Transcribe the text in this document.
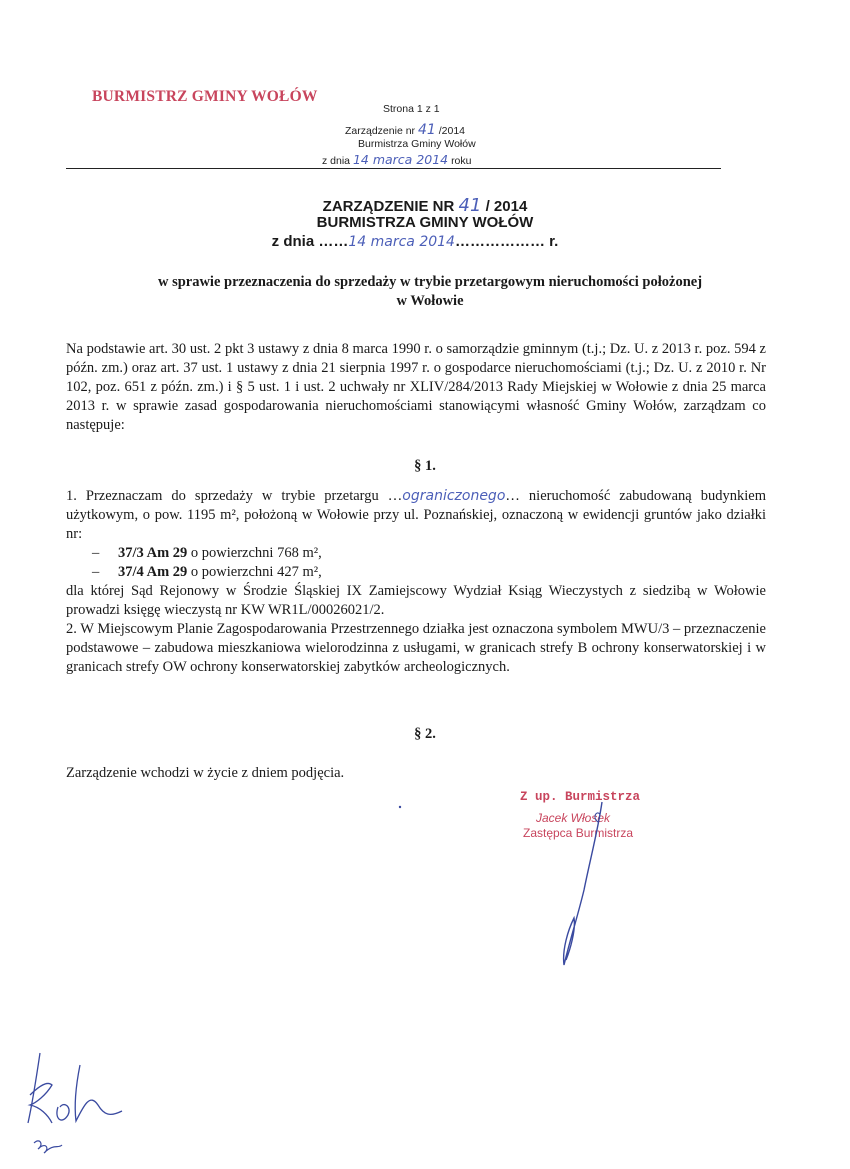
BURMISTRZ GMINY WOŁÓW
Strona 1 z 1
Zarządzenie nr 41 /2014
Burmistrza Gminy Wołów
z dnia 14 marca 2014 roku
ZARZĄDZENIE NR 41 / 2014
BURMISTRZA GMINY WOŁÓW
z dnia ……14 marca 2014……………… r.
w sprawie przeznaczenia do sprzedaży w trybie przetargowym nieruchomości położonej
w Wołowie
Na podstawie art. 30 ust. 2 pkt 3 ustawy z dnia 8 marca 1990 r. o samorządzie gminnym (t.j.; Dz. U. z 2013 r. poz. 594 z późn. zm.) oraz art. 37 ust. 1 ustawy z dnia 21 sierpnia 1997 r. o gospodarce nieruchomościami (t.j.; Dz. U. z 2010 r. Nr 102, poz. 651 z późn. zm.) i § 5 ust. 1 i ust. 2 uchwały nr XLIV/284/2013 Rady Miejskiej w Wołowie z dnia 25 marca 2013 r. w sprawie zasad gospodarowania nieruchomościami stanowiącymi własność Gminy Wołów, zarządzam co następuje:
§ 1.

1. Przeznaczam do sprzedaży w trybie przetargu …ograniczonego… nieruchomość zabudowaną budynkiem użytkowym, o pow. 1195 m², położoną w Wołowie przy ul. Poznańskiej, oznaczoną w ewidencji gruntów jako działki nr:

– 37/3 Am 29 o powierzchni 768 m²,
– 37/4 Am 29 o powierzchni 427 m²,

dla której Sąd Rejonowy w Środzie Śląskiej IX Zamiejscowy Wydział Ksiąg Wieczystych z siedzibą w Wołowie prowadzi księgę wieczystą nr KW WR1L/00026021/2.

2. W Miejscowym Planie Zagospodarowania Przestrzennego działka jest oznaczona symbolem MWU/3 – przeznaczenie podstawowe – zabudowa mieszkaniowa wielorodzinna z usługami, w granicach strefy B ochrony konserwatorskiej i w granicach strefy OW ochrony konserwatorskiej zabytków archeologicznych.

§ 2.
Zarządzenie wchodzi w życie z dniem podjęcia.
Z up. Burmistrza
Jacek Włosek
Zastępca Burmistrza
